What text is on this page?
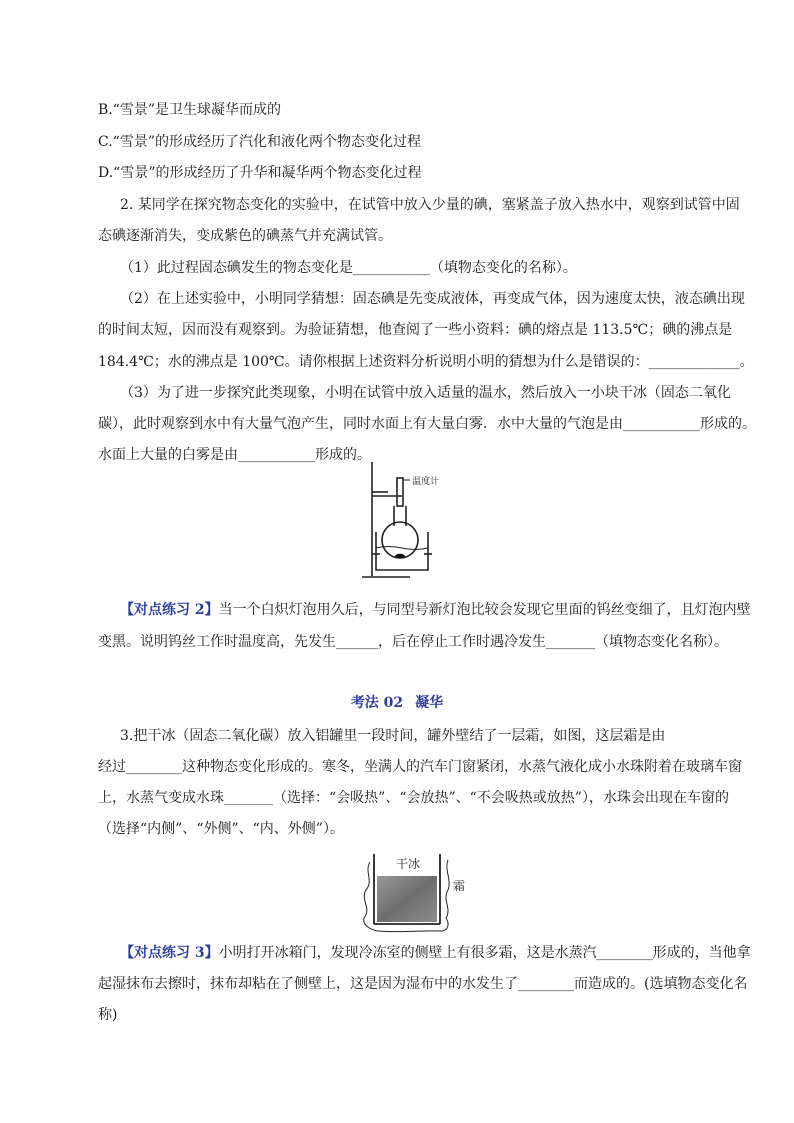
B.“雪景”是卫生球凝华而成的
C.“雪景”的形成经历了汽化和液化两个物态变化过程
D.“雪景”的形成经历了升华和凝华两个物态变化过程
2. 某同学在探究物态变化的实验中，在试管中放入少量的碘，塞紧盖子放入热水中，观察到试管中固
态碘逐渐消失，变成紫色的碘蒸气并充满试管。
（1）此过程固态碘发生的物态变化是___________（填物态变化的名称）。
（2）在上述实验中，小明同学猜想：固态碘是先变成液体，再变成气体，因为速度太快，液态碘出现
的时间太短，因而没有观察到。为验证猜想，他查阅了一些小资料：碘的熔点是 113.5℃；碘的沸点是
184.4℃；水的沸点是 100℃。请你根据上述资料分析说明小明的猜想为什么是错误的：_____________。
（3）为了进一步探究此类现象，小明在试管中放入适量的温水，然后放入一小块干冰（固态二氧化
碳），此时观察到水中有大量气泡产生，同时水面上有大量白雾．水中大量的气泡是由___________形成的。
水面上大量的白雾是由___________形成的。
温度计
【对点练习 2】当一个白炽灯泡用久后，与同型号新灯泡比较会发现它里面的钨丝变细了，且灯泡内壁
变黑。说明钨丝工作时温度高，先发生______，后在停止工作时遇冷发生_______（填物态变化名称）。
考法 02 凝华
3.把干冰（固态二氧化碳）放入铝罐里一段时间，罐外壁结了一层霜，如图，这层霜是由
经过________这种物态变化形成的。寒冬，坐满人的汽车门窗紧闭，水蒸气液化成小水珠附着在玻璃车窗
上，水蒸气变成水珠_______（选择：“会吸热”、“会放热”、“不会吸热或放热”），水珠会出现在车窗的
（选择“内侧”、“外侧”、“内、外侧”）。
干冰
霜
【对点练习 3】小明打开冰箱门，发现冷冻室的侧壁上有很多霜，这是水蒸汽________形成的，当他拿
起湿抹布去擦时，抹布却粘在了侧壁上，这是因为湿布中的水发生了________而造成的。(选填物态变化名
称)
